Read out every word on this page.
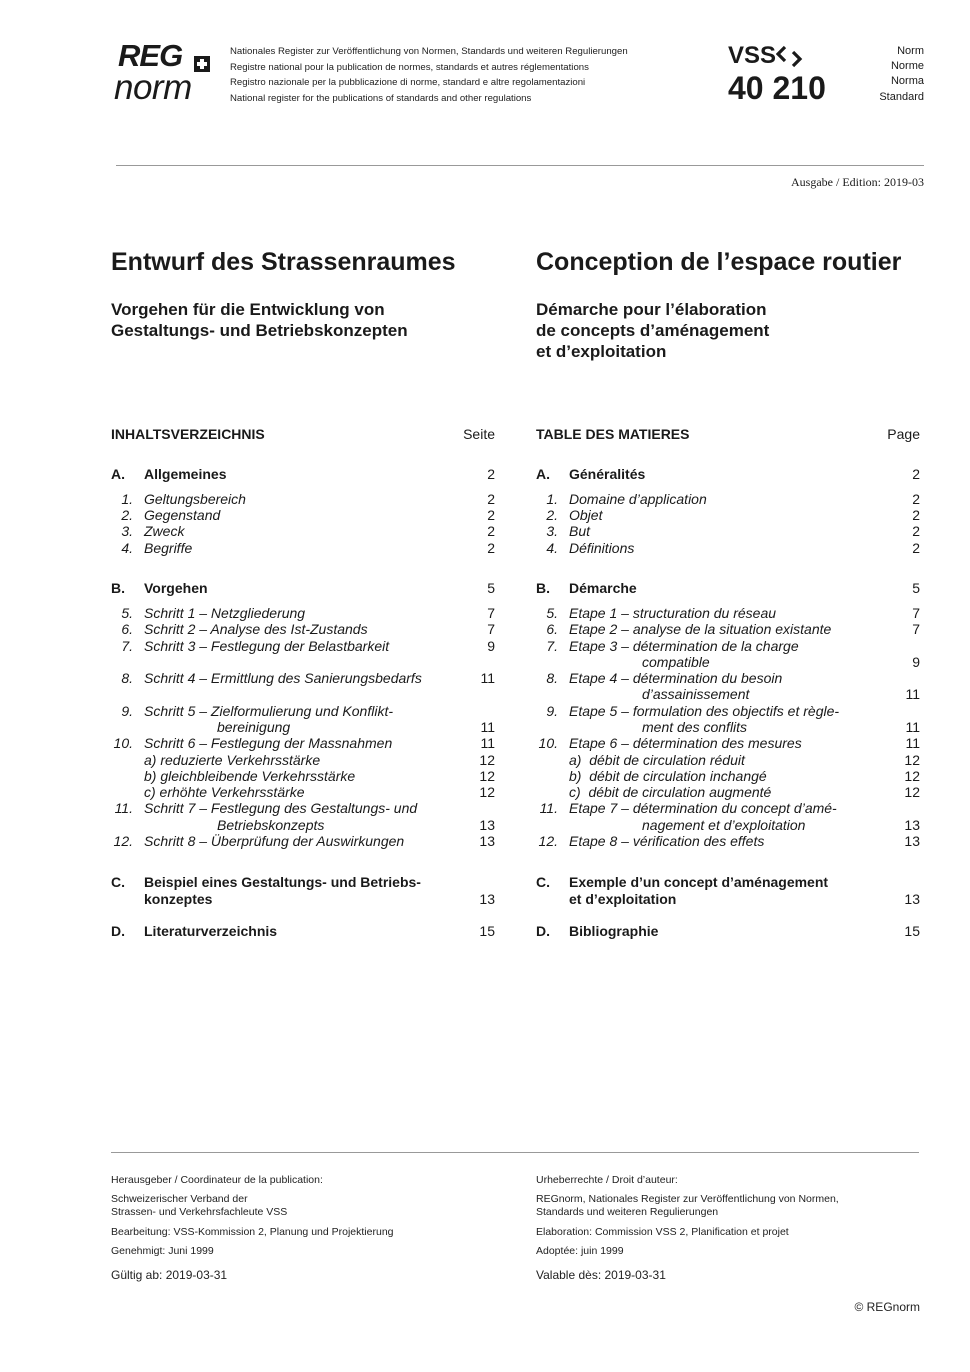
REG
norm
Nationales Register zur Veröffentlichung von Normen, Standards und weiteren Regulierungen
Registre national pour la publication de normes, standards et autres réglementations
Registro nazionale per la pubblicazione di norme, standard e altre regolamentazioni
National register for the publications of standards and other regulations
VSS
40 210
Norm
Norme
Norma
Standard
Ausgabe / Edition: 2019-03
Entwurf des Strassenraumes
Vorgehen für die Entwicklung von
Gestaltungs- und Betriebskonzepten
Conception de l’espace routier
Démarche pour l’élaboration
de concepts d’aménagement
et d’exploitation
INHALTSVERZEICHNIS	Seite
A. Allgemeines	2
1. Geltungsbereich	2
2. Gegenstand	2
3. Zweck	2
4. Begriffe	2
B. Vorgehen	5
5. Schritt 1 – Netzgliederung	7
6. Schritt 2 – Analyse des Ist-Zustands	7
7. Schritt 3 – Festlegung der Belastbarkeit	9
8. Schritt 4 – Ermittlung des Sanierungsbedarfs	11
9. Schritt 5 – Zielformulierung und Konflikt-
bereinigung	11
10. Schritt 6 – Festlegung der Massnahmen	11
a) reduzierte Verkehrsstärke	12
b) gleichbleibende Verkehrsstärke	12
c) erhöhte Verkehrsstärke	12
11. Schritt 7 – Festlegung des Gestaltungs- und
Betriebskonzepts	13
12. Schritt 8 – Überprüfung der Auswirkungen	13
C. Beispiel eines Gestaltungs- und Betriebs-
konzeptes	13
D. Literaturverzeichnis	15
TABLE DES MATIERES	Page
A. Généralités	2
1. Domaine d’application	2
2. Objet	2
3. But	2
4. Définitions	2
B. Démarche	5
5. Etape 1 – structuration du réseau	7
6. Etape 2 – analyse de la situation existante	7
7. Etape 3 – détermination de la charge
compatible	9
8. Etape 4 – détermination du besoin
d’assainissement	11
9. Etape 5 – formulation des objectifs et règle-
ment des conflits	11
10. Etape 6 – détermination des mesures	11
a)  débit de circulation réduit	12
b)  débit de circulation inchangé	12
c)  débit de circulation augmenté	12
11. Etape 7 – détermination du concept d’amé-
nagement et d’exploitation	13
12. Etape 8 – vérification des effets	13
C. Exemple d’un concept d’aménagement
et d’exploitation	13
D. Bibliographie	15
Herausgeber / Coordinateur de la publication:
Schweizerischer Verband der
Strassen- und Verkehrsfachleute VSS
Bearbeitung: VSS-Kommission 2, Planung und Projektierung
Genehmigt: Juni 1999
Gültig ab: 2019-03-31
Urheberrechte / Droit d’auteur:
REGnorm, Nationales Register zur Veröffentlichung von Normen,
Standards und weiteren Regulierungen
Elaboration: Commission VSS 2, Planification et projet
Adoptée: juin 1999
Valable dès: 2019-03-31
© REGnorm
